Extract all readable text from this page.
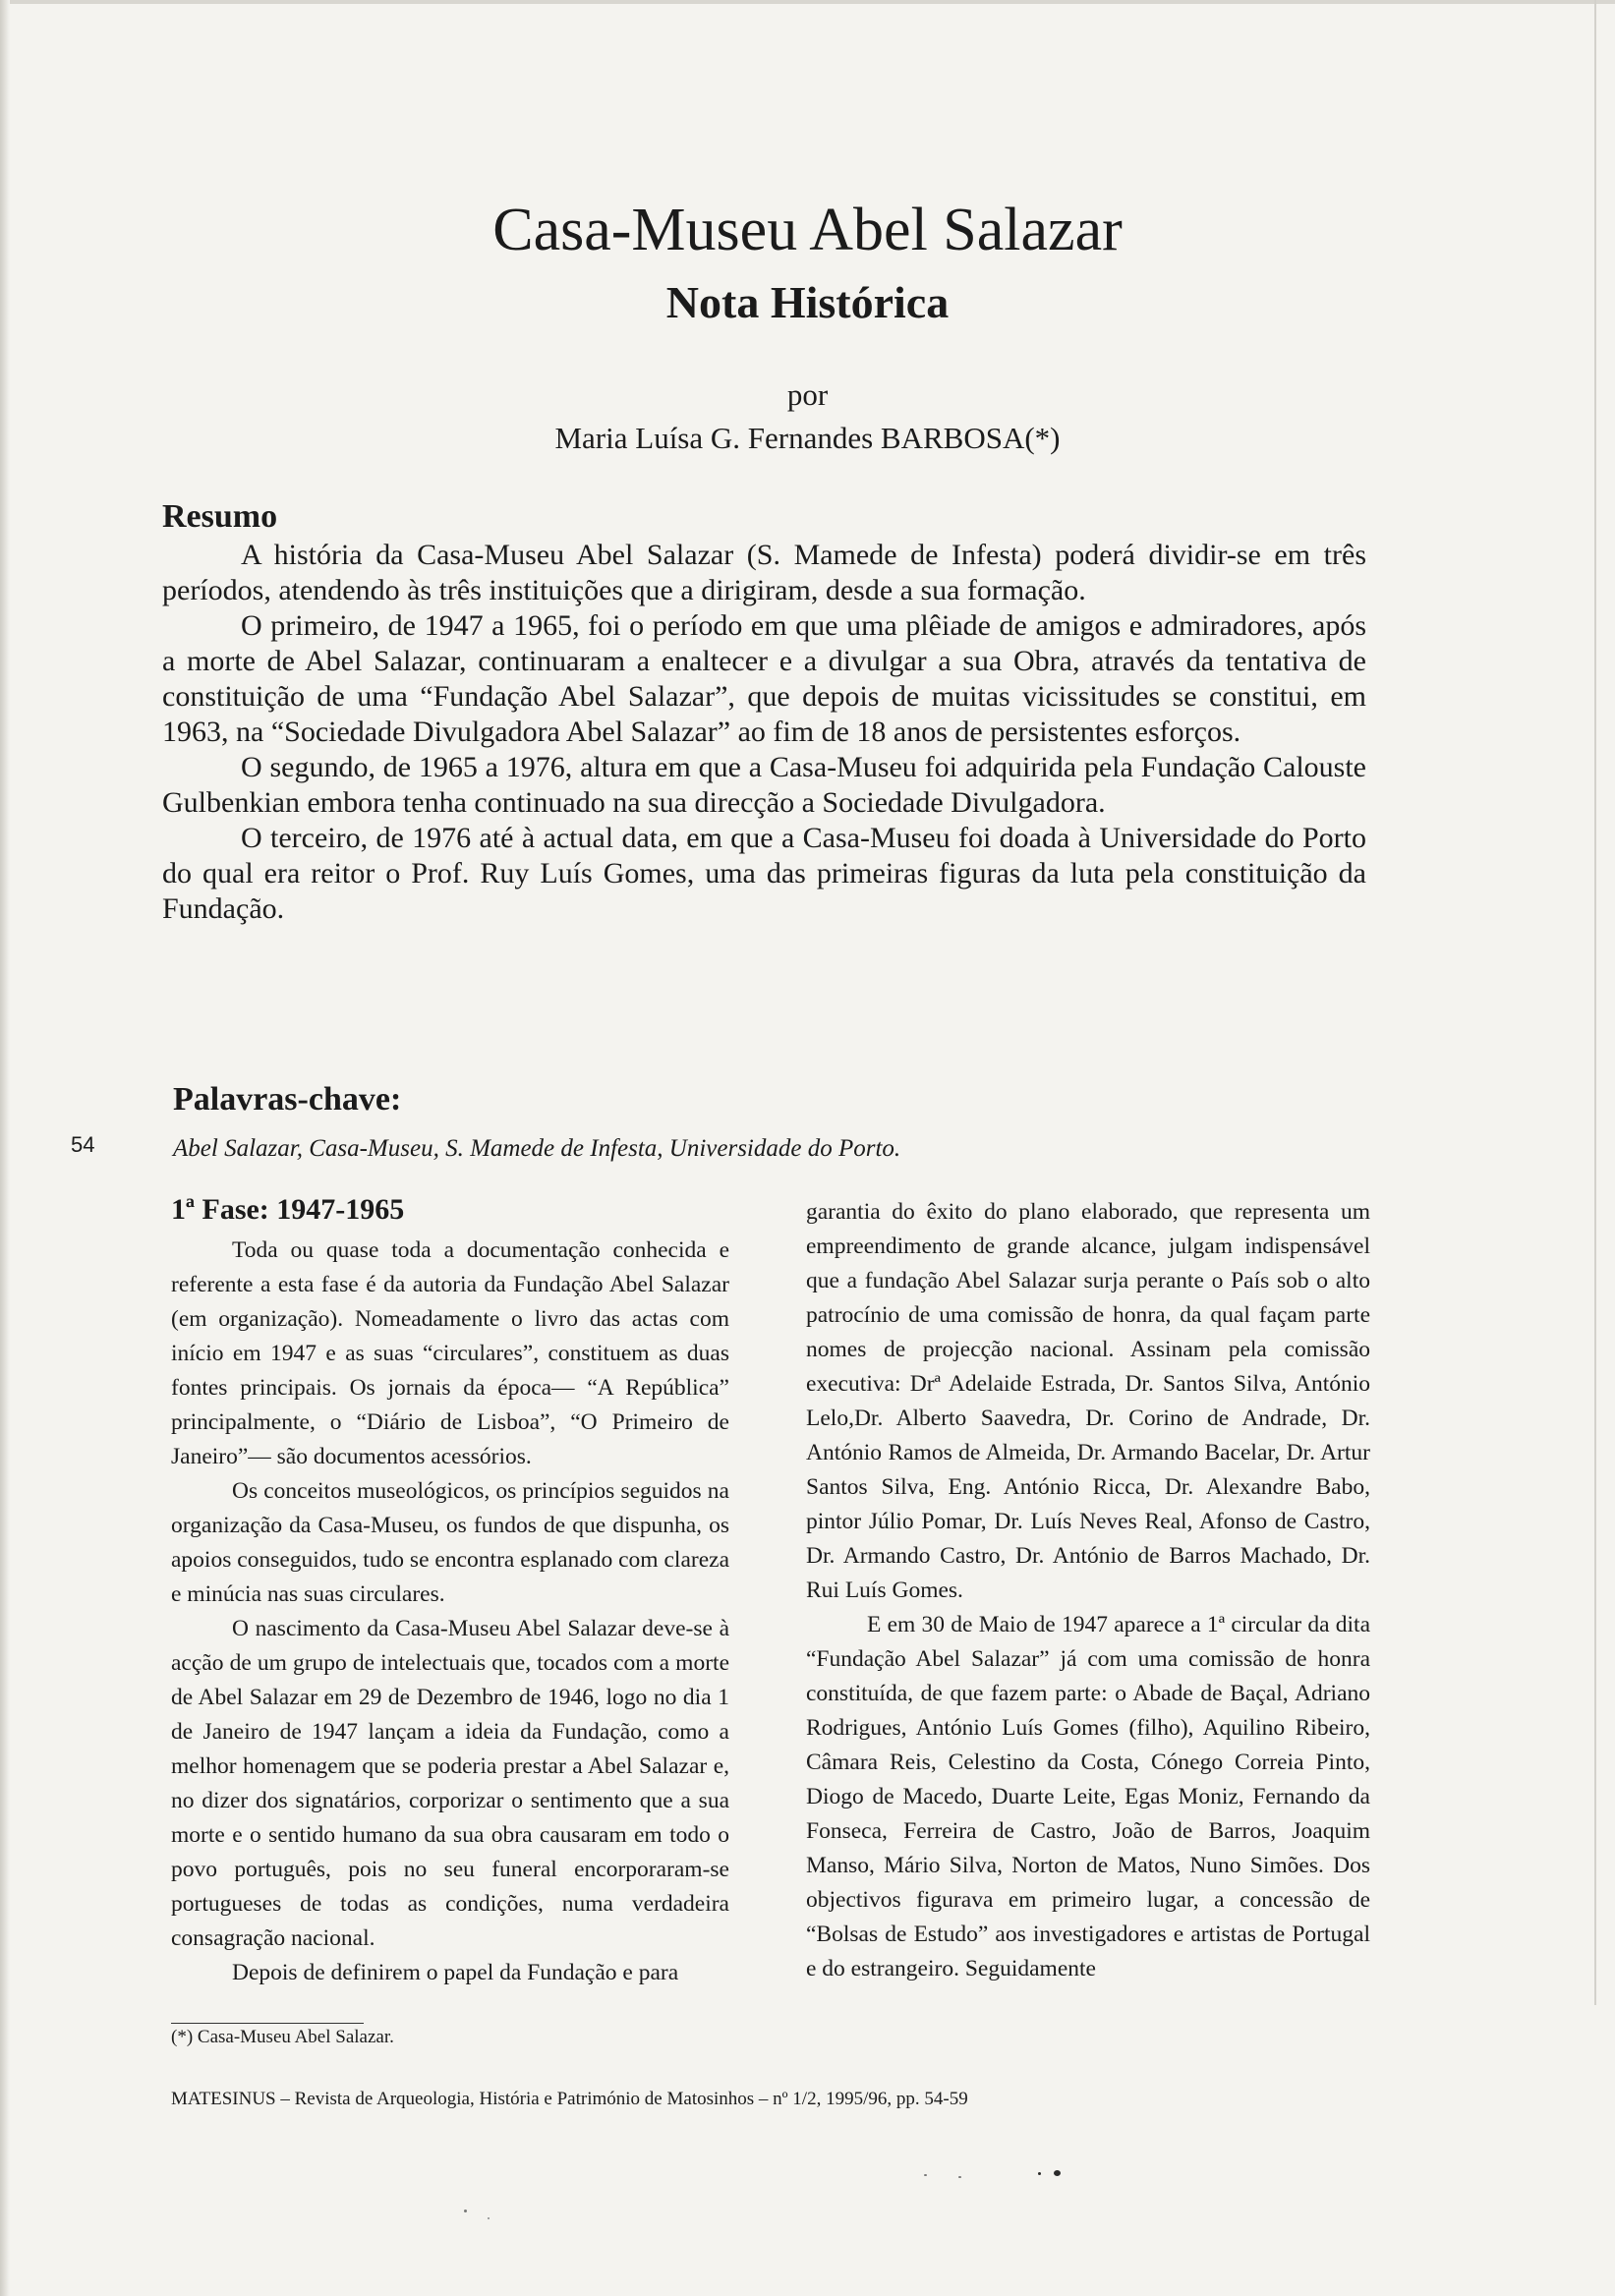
Casa-Museu Abel Salazar
Nota Histórica
por
Maria Luísa G. Fernandes BARBOSA(*)
Resumo

A história da Casa-Museu Abel Salazar (S. Mamede de Infesta) poderá dividir-se em três períodos, atendendo às três instituições que a dirigiram, desde a sua formação.

O primeiro, de 1947 a 1965, foi o período em que uma plêiade de amigos e admiradores, após a morte de Abel Salazar, continuaram a enaltecer e a divulgar a sua Obra, através da tentativa de constituição de uma “Fundação Abel Salazar”, que depois de muitas vicissitudes se constitui, em 1963, na “Sociedade Divulgadora Abel Salazar” ao fim de 18 anos de persistentes esforços.

O segundo, de 1965 a 1976, altura em que a Casa-Museu foi adquirida pela Fundação Calouste Gulbenkian embora tenha continuado na sua direcção a Sociedade Divulgadora.

O terceiro, de 1976 até à actual data, em que a Casa-Museu foi doada à Universidade do Porto do qual era reitor o Prof. Ruy Luís Gomes, uma das primeiras figuras da luta pela constituição da Fundação.

Palavras-chave:
54	Abel Salazar, Casa-Museu, S. Mamede de Infesta, Universidade do Porto.
1ª Fase: 1947-1965

Toda ou quase toda a documentação conhecida e referente a esta fase é da autoria da Fundação Abel Salazar (em organização). Nomeadamente o livro das actas com início em 1947 e as suas “circulares”, constituem as duas fontes principais. Os jornais da época— “A República” principalmente, o “Diário de Lisboa”, “O Primeiro de Janeiro”— são documentos acessórios.

Os conceitos museológicos, os princípios seguidos na organização da Casa-Museu, os fundos de que dispunha, os apoios conseguidos, tudo se encontra esplanado com clareza e minúcia nas suas circulares.

O nascimento da Casa-Museu Abel Salazar deve-se à acção de um grupo de intelectuais que, tocados com a morte de Abel Salazar em 29 de Dezembro de 1946, logo no dia 1 de Janeiro de 1947 lançam a ideia da Fundação, como a melhor homenagem que se poderia prestar a Abel Salazar e, no dizer dos signatários, corporizar o sentimento que a sua morte e o sentido humano da sua obra causaram em todo o povo português, pois no seu funeral encorporaram-se portugueses de todas as condições, numa verdadeira consagração nacional.

Depois de definirem o papel da Fundação e para

garantia do êxito do plano elaborado, que representa um empreendimento de grande alcance, julgam indispensável que a fundação Abel Salazar surja perante o País sob o alto patrocínio de uma comissão de honra, da qual façam parte nomes de projecção nacional. Assinam pela comissão executiva: Drª Adelaide Estrada, Dr. Santos Silva, António Lelo,Dr. Alberto Saavedra, Dr. Corino de Andrade, Dr. António Ramos de Almeida, Dr. Armando Bacelar, Dr. Artur Santos Silva, Eng. António Ricca, Dr. Alexandre Babo, pintor Júlio Pomar, Dr. Luís Neves Real, Afonso de Castro, Dr. Armando Castro, Dr. António de Barros Machado, Dr. Rui Luís Gomes.

E em 30 de Maio de 1947 aparece a 1ª circular da dita “Fundação Abel Salazar” já com uma comissão de honra constituída, de que fazem parte: o Abade de Baçal, Adriano Rodrigues, António Luís Gomes (filho), Aquilino Ribeiro, Câmara Reis, Celestino da Costa, Cónego Correia Pinto, Diogo de Macedo, Duarte Leite, Egas Moniz, Fernando da Fonseca, Ferreira de Castro, João de Barros, Joaquim Manso, Mário Silva, Norton de Matos, Nuno Simões. Dos objectivos figurava em primeiro lugar, a concessão de “Bolsas de Estudo” aos investigadores e artistas de Portugal e do estrangeiro. Seguidamente

(*) Casa-Museu Abel Salazar.
MATESINUS – Revista de Arqueologia, História e Património de Matosinhos – nº 1/2, 1995/96, pp. 54-59
